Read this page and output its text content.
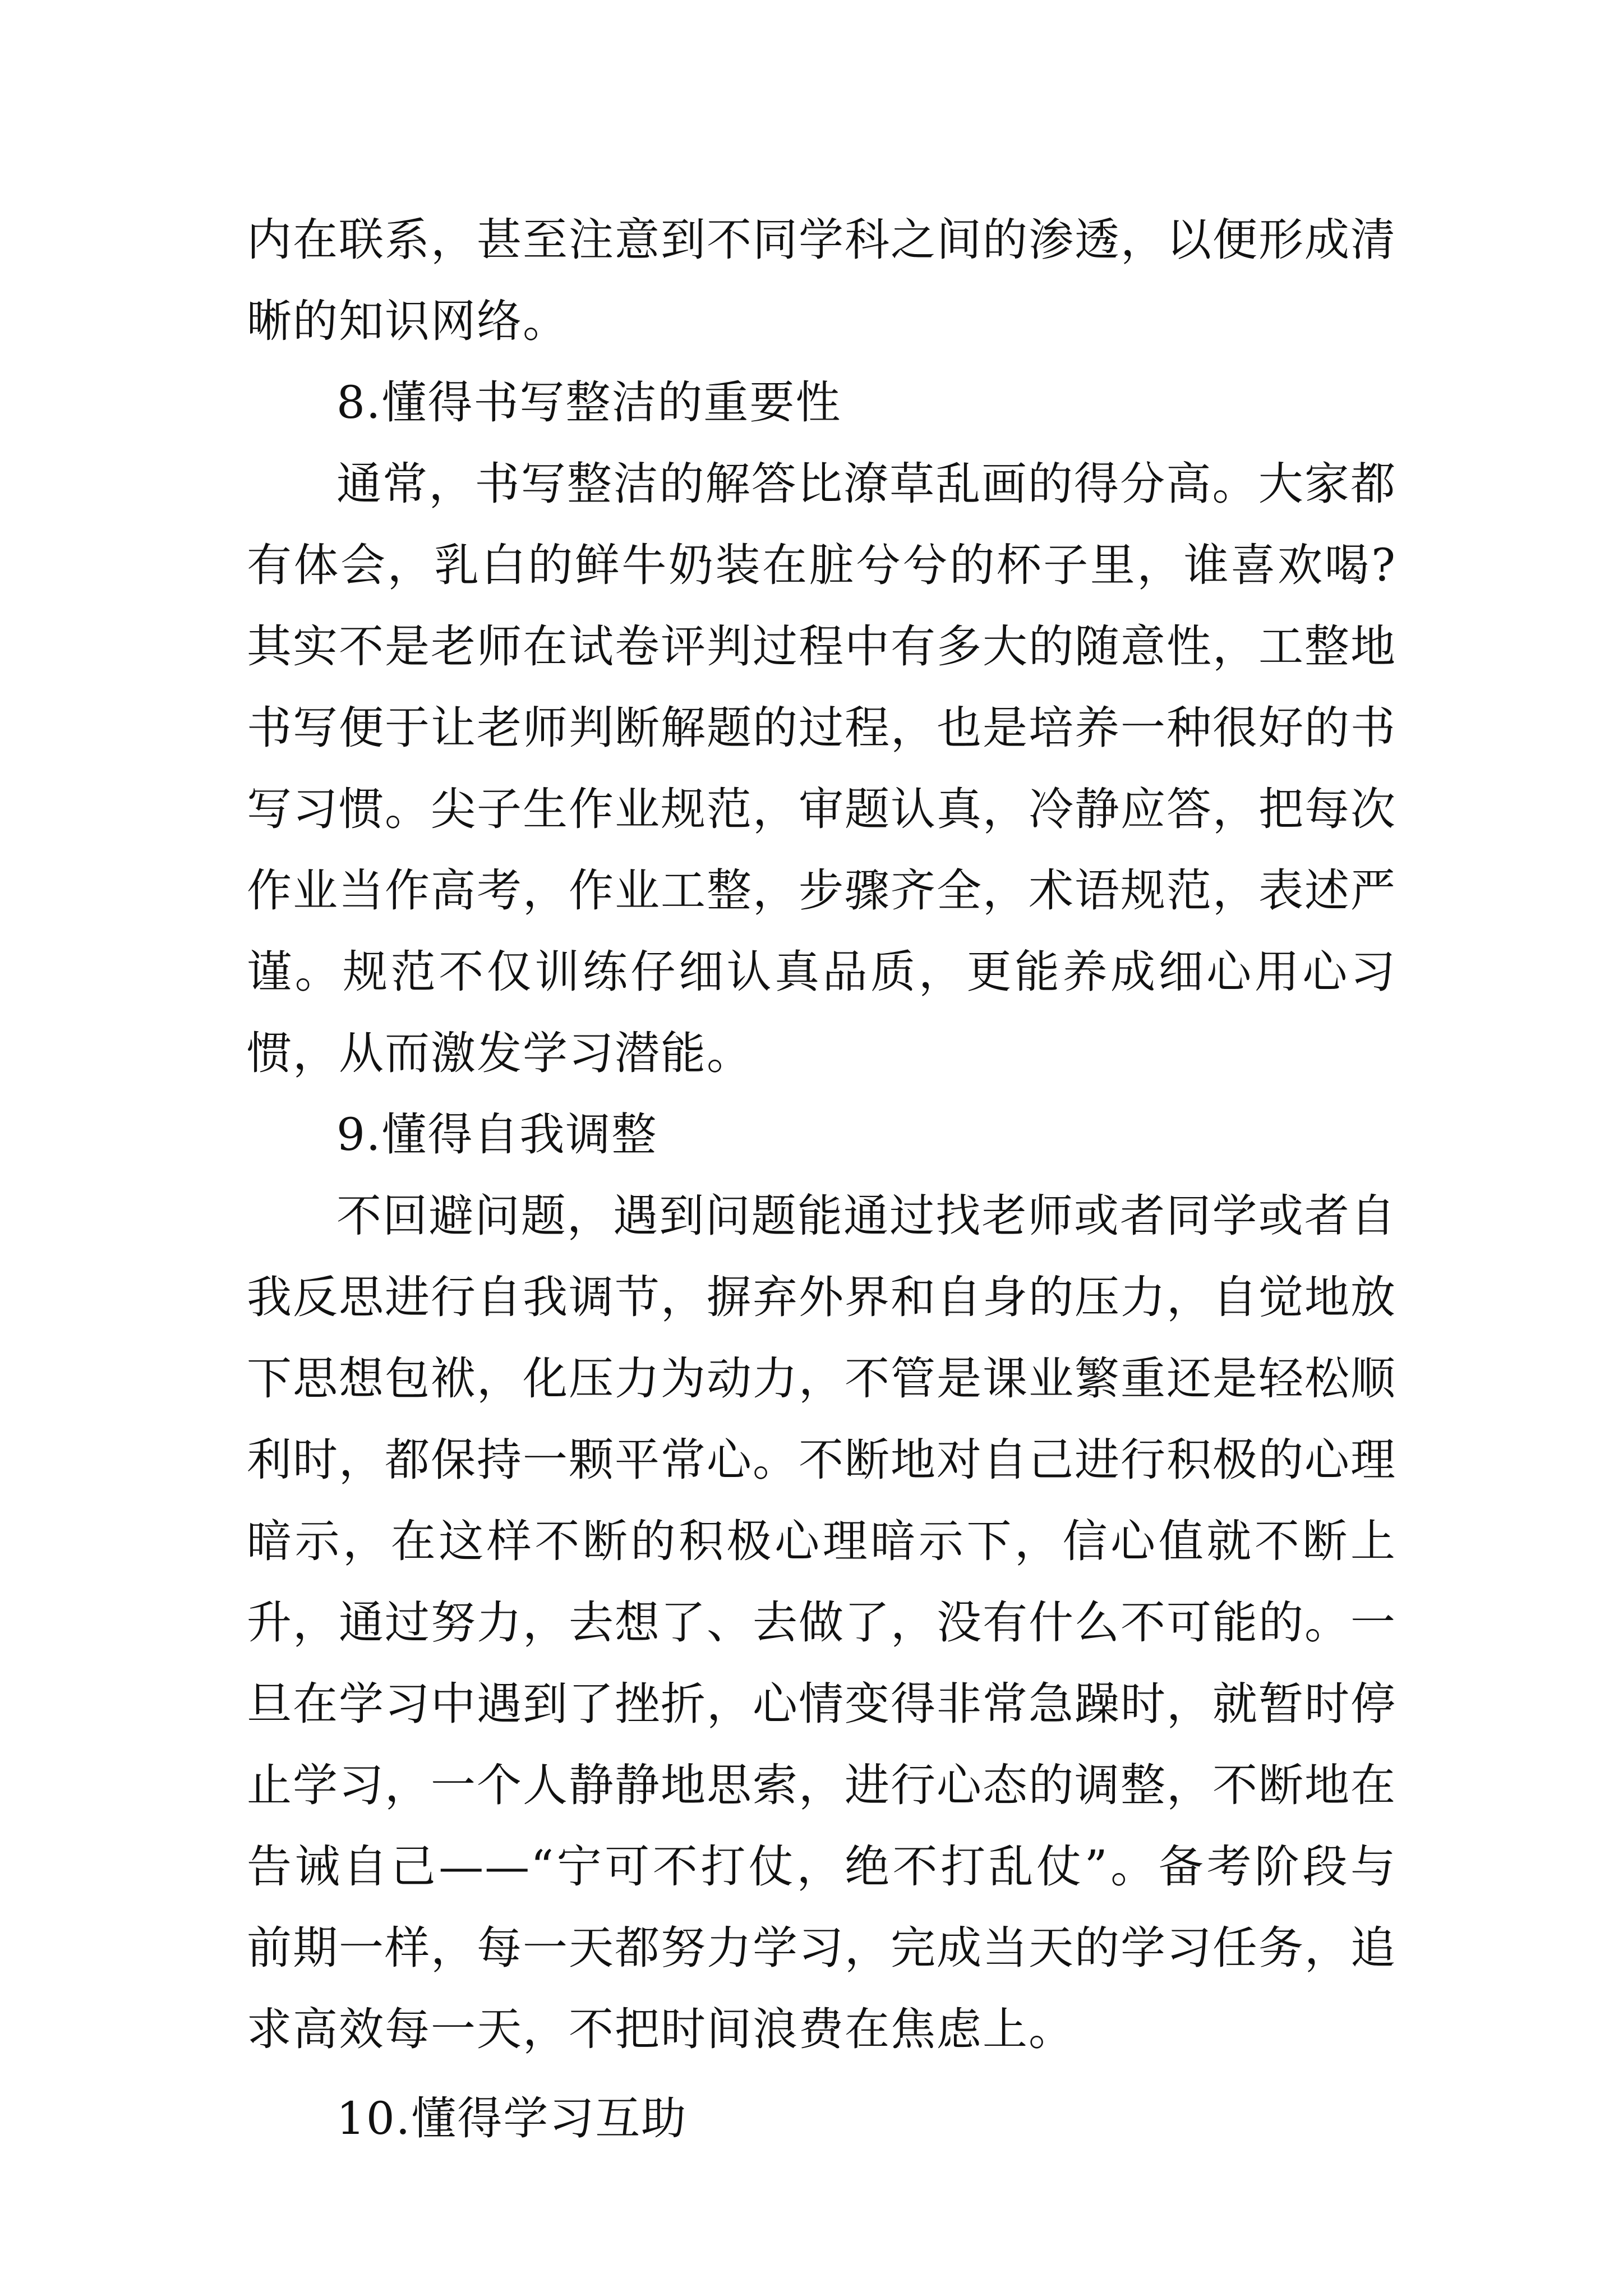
内在联系，甚至注意到不同学科之间的渗透，以便形成清晰的知识网络。

8.懂得书写整洁的重要性

通常，书写整洁的解答比潦草乱画的得分高。大家都有体会，乳白的鲜牛奶装在脏兮兮的杯子里，谁喜欢喝?其实不是老师在试卷评判过程中有多大的随意性，工整地书写便于让老师判断解题的过程，也是培养一种很好的书写习惯。尖子生作业规范，审题认真，冷静应答，把每次作业当作高考，作业工整，步骤齐全，术语规范，表述严谨。规范不仅训练仔细认真品质，更能养成细心用心习惯，从而激发学习潜能。

9.懂得自我调整

不回避问题，遇到问题能通过找老师或者同学或者自我反思进行自我调节，摒弃外界和自身的压力，自觉地放下思想包袱，化压力为动力，不管是课业繁重还是轻松顺利时，都保持一颗平常心。不断地对自己进行积极的心理暗示，在这样不断的积极心理暗示下，信心值就不断上升，通过努力，去想了、去做了，没有什么不可能的。一旦在学习中遇到了挫折，心情变得非常急躁时，就暂时停止学习，一个人静静地思索，进行心态的调整，不断地在告诫自己——“宁可不打仗，绝不打乱仗”。备考阶段与前期一样，每一天都努力学习，完成当天的学习任务，追求高效每一天，不把时间浪费在焦虑上。

10.懂得学习互助
